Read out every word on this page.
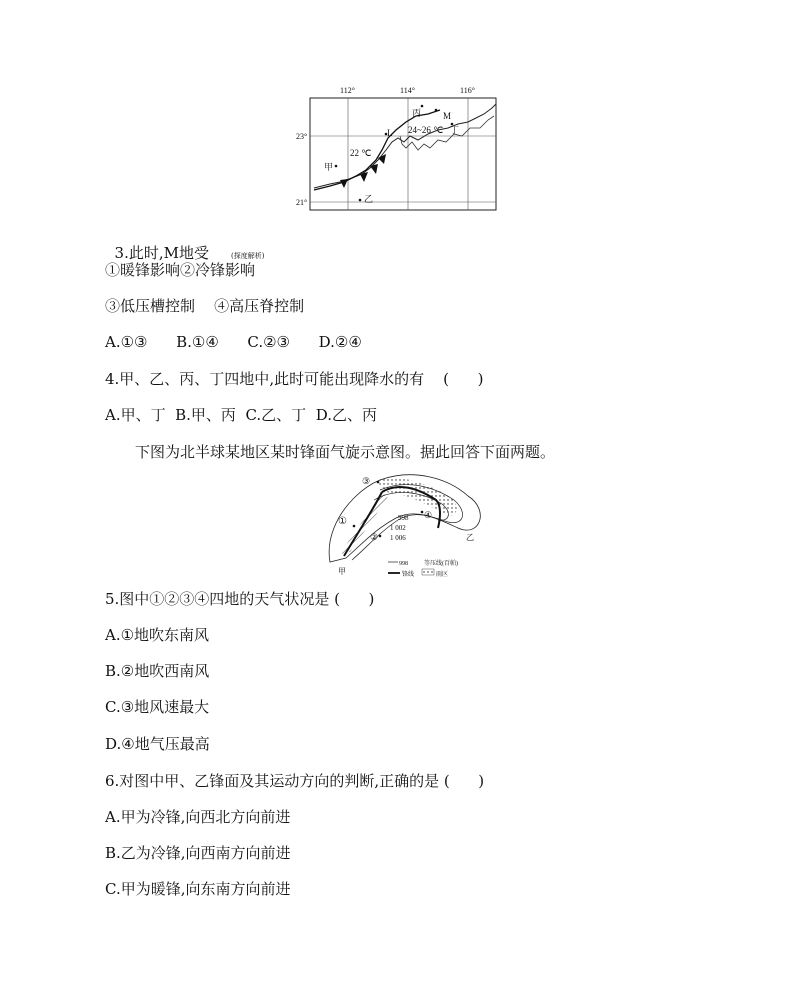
112°	114°	116°
23°
21°
丙 M
L 24~26 ℃ 丁
22 ℃
甲
乙

3.此时,M地受	(探度解析)

①暖锋影响②冷锋影响
③低压槽控制    ④高压脊控制
A.①③      B.①④      C.②③      D.②④
4.甲、乙、丙、丁四地中,此时可能出现降水的有    (      )
A.甲、丁  B.甲、丙  C.乙、丁  D.乙、丙
下图为北半球某地区某时锋面气旋示意图。据此回答下面两题。
①
②
③
④
998
1 002
1 006
甲
乙
998	等压线(百帕)
锋线	雨区
5.图中①②③④四地的天气状况是 (      )
A.①地吹东南风
B.②地吹西南风
C.③地风速最大
D.④地气压最高
6.对图中甲、乙锋面及其运动方向的判断,正确的是 (      )
A.甲为冷锋,向西北方向前进
B.乙为冷锋,向西南方向前进
C.甲为暖锋,向东南方向前进
